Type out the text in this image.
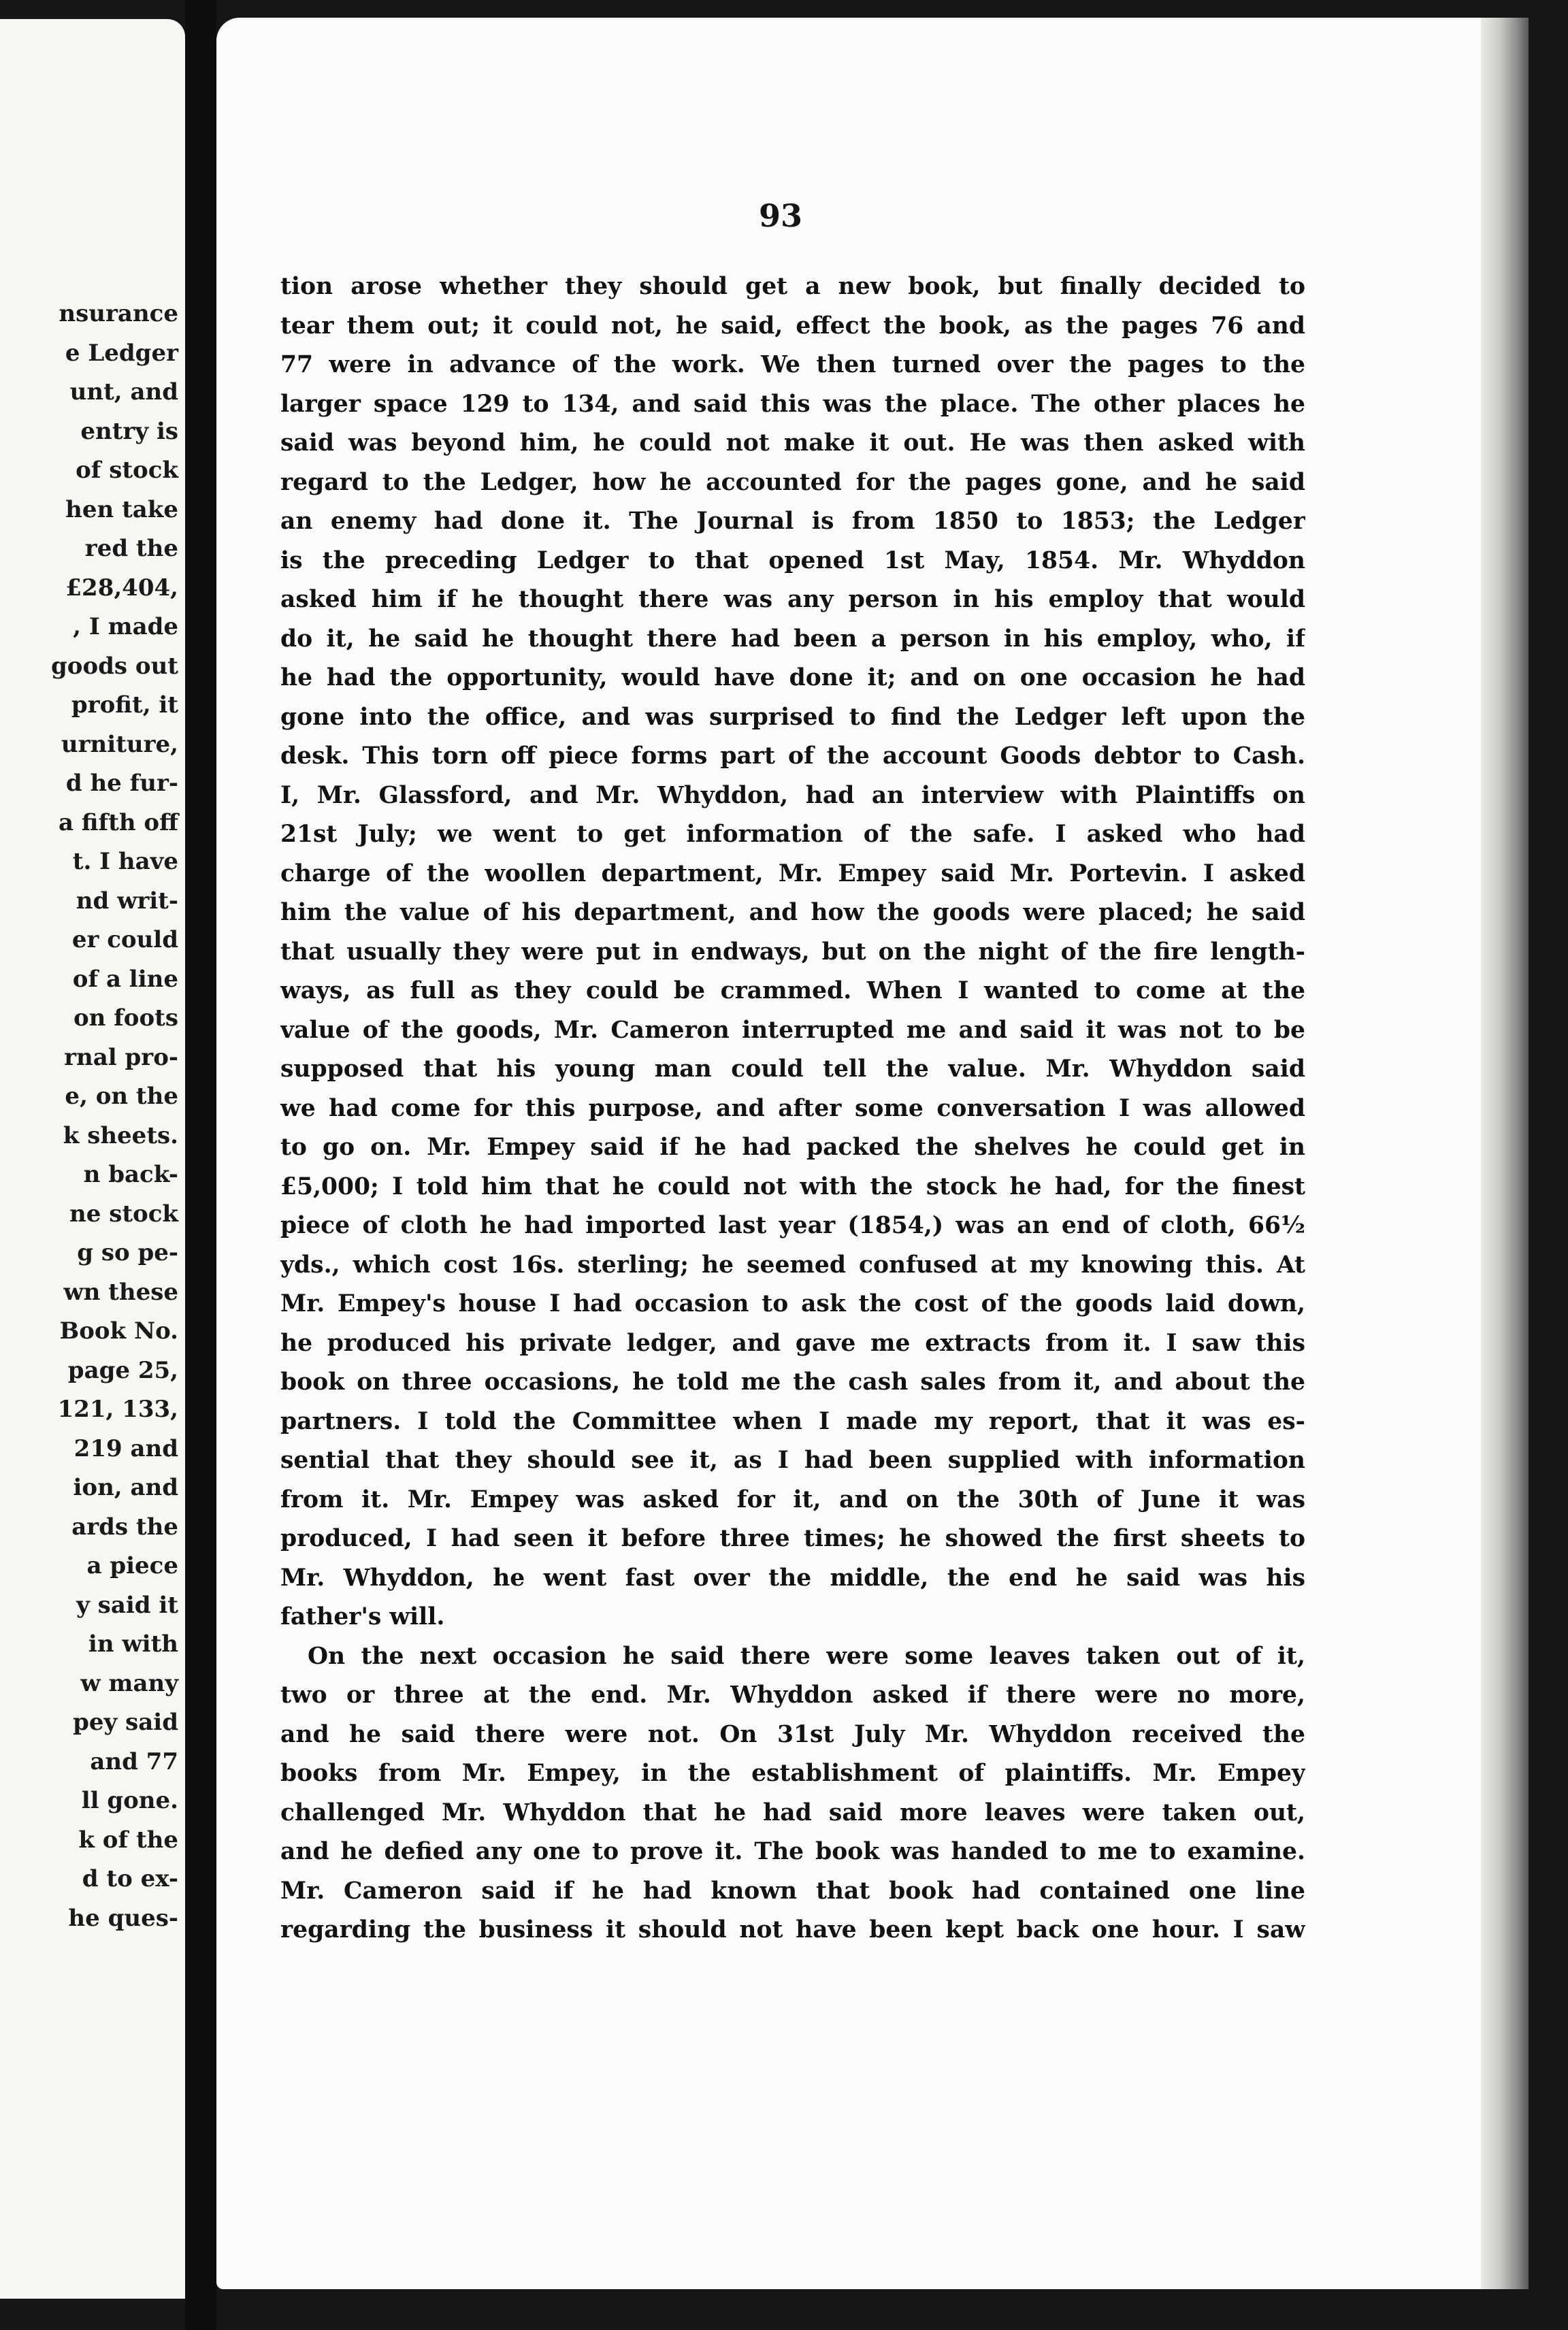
nsurance
e Ledger
unt, and
entry is
of stock
hen take
red the
£28,404,
, I made
goods out
profit, it
urniture,
d he fur-
a fifth off
t. I have
nd writ-
er could
of a line
on foots
rnal pro-
e, on the
k sheets.
n back-
ne stock
g so pe-
wn these
Book No.
page 25,
121, 133,
219 and
ion, and
ards the
a piece
y said it
in with
w many
pey said
and 77
ll gone.
k of the
d to ex-
he ques-
93
tion arose whether they should get a new book, but finally decided to
tear them out; it could not, he said, effect the book, as the pages 76 and
77 were in advance of the work. We then turned over the pages to the
larger space 129 to 134, and said this was the place. The other places he
said was beyond him, he could not make it out. He was then asked with
regard to the Ledger, how he accounted for the pages gone, and he said
an enemy had done it. The Journal is from 1850 to 1853; the Ledger
is the preceding Ledger to that opened 1st May, 1854. Mr. Whyddon
asked him if he thought there was any person in his employ that would
do it, he said he thought there had been a person in his employ, who, if
he had the opportunity, would have done it; and on one occasion he had
gone into the office, and was surprised to find the Ledger left upon the
desk. This torn off piece forms part of the account Goods debtor to Cash.
I, Mr. Glassford, and Mr. Whyddon, had an interview with Plaintiffs on
21st July; we went to get information of the safe. I asked who had
charge of the woollen department, Mr. Empey said Mr. Portevin. I asked
him the value of his department, and how the goods were placed; he said
that usually they were put in endways, but on the night of the fire length-
ways, as full as they could be crammed. When I wanted to come at the
value of the goods, Mr. Cameron interrupted me and said it was not to be
supposed that his young man could tell the value. Mr. Whyddon said
we had come for this purpose, and after some conversation I was allowed
to go on. Mr. Empey said if he had packed the shelves he could get in
£5,000; I told him that he could not with the stock he had, for the finest
piece of cloth he had imported last year (1854,) was an end of cloth, 66½
yds., which cost 16s. sterling; he seemed confused at my knowing this. At
Mr. Empey's house I had occasion to ask the cost of the goods laid down,
he produced his private ledger, and gave me extracts from it. I saw this
book on three occasions, he told me the cash sales from it, and about the
partners. I told the Committee when I made my report, that it was es-
sential that they should see it, as I had been supplied with information
from it. Mr. Empey was asked for it, and on the 30th of June it was
produced, I had seen it before three times; he showed the first sheets to
Mr. Whyddon, he went fast over the middle, the end he said was his
father's will.
On the next occasion he said there were some leaves taken out of it,
two or three at the end. Mr. Whyddon asked if there were no more,
and he said there were not. On 31st July Mr. Whyddon received the
books from Mr. Empey, in the establishment of plaintiffs. Mr. Empey
challenged Mr. Whyddon that he had said more leaves were taken out,
and he defied any one to prove it. The book was handed to me to examine.
Mr. Cameron said if he had known that book had contained one line
regarding the business it should not have been kept back one hour. I saw
